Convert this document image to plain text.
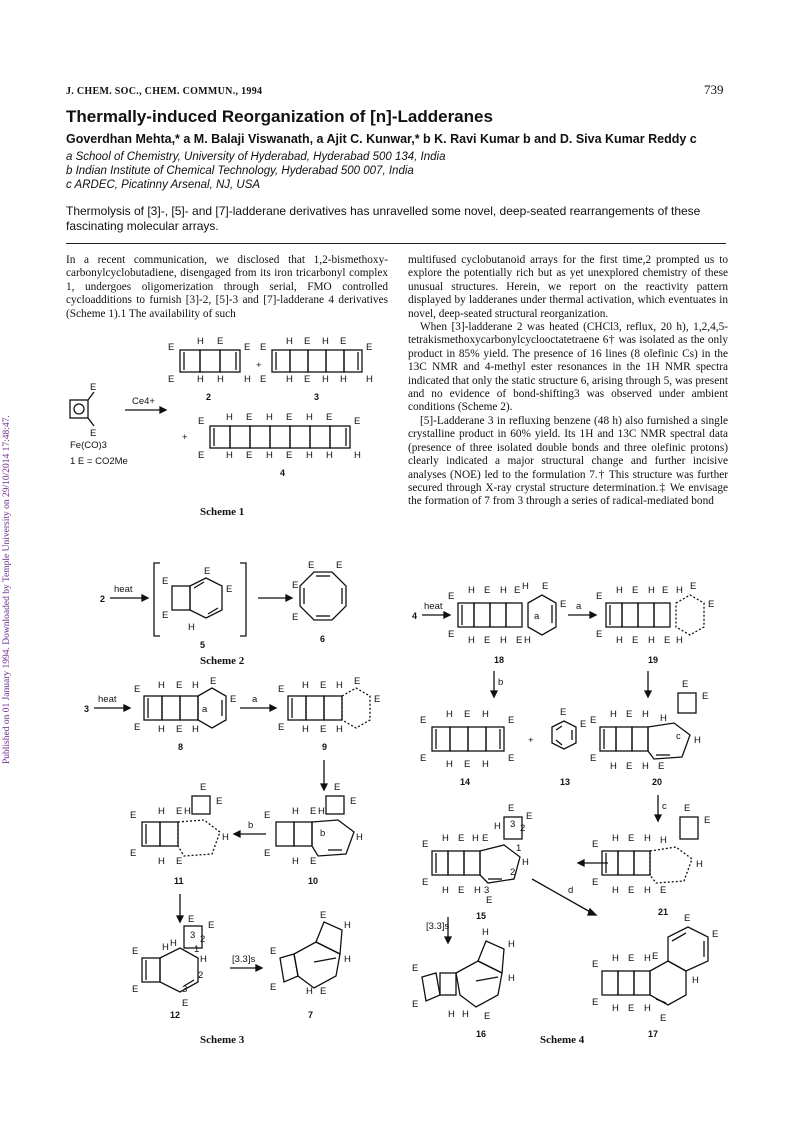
Published on 01 January 1994. Downloaded by Temple University on 29/10/2014 17:48:47.
J. CHEM. SOC., CHEM. COMMUN., 1994	739
Thermally-induced Reorganization of [n]-Ladderanes
Goverdhan Mehta,* a M. Balaji Viswanath, a Ajit C. Kunwar,* b K. Ravi Kumar b and D. Siva Kumar Reddy c
a School of Chemistry, University of Hyderabad, Hyderabad 500 134, India
b Indian Institute of Chemical Technology, Hyderabad 500 007, India
c ARDEC, Picatinny Arsenal, NJ, USA
Thermolysis of [3]-, [5]- and [7]-ladderane derivatives has unravelled some novel, deep-seated rearrangements of these fascinating molecular arrays.

In a recent communication, we disclosed that 1,2-bismethoxy-carbonylcyclobutadiene, disengaged from its iron tricarbonyl complex 1, undergoes oligomerization through serial, FMO controlled cycloadditions to furnish [3]-2, [5]-3 and [7]-ladderane 4 derivatives (Scheme 1).1 The availability of such

multifused cyclobutanoid arrays for the first time,2 prompted us to explore the potentially rich but as yet unexplored chemistry of these unusual structures. Herein, we report on the reactivity pattern displayed by ladderanes under thermal activation, which eventuates in novel, deep-seated structural reorganization.

When [3]-ladderane 2 was heated (CHCl3, reflux, 20 h), 1,2,4,5-tetrakismethoxycarbonylcyclooctatetraene 6† was isolated as the only product in 85% yield. The presence of 16 lines (8 olefinic Cs) in the 13C NMR and 4-methyl ester resonances in the 1H NMR spectra indicated that only the static structure 6, arising through 5, was present and no evidence of bond-shifting3 was observed under ambient conditions (Scheme 2).

[5]-Ladderane 3 in refluxing benzene (48 h) also furnished a single crystalline product in 60% yield. Its 1H and 13C NMR spectral data (presence of three isolated double bonds and three olefinic protons) clearly indicated a major structural change and further incisive analyses (NOE) led to the formulation 7.† This structure was further secured through X-ray crystal structure determination.‡ We envisage the formation of 7 from 3 through a series of radical-mediated bond

E
E
Fe(CO)3
1 E = CO2Me
Ce4+
E
E
H E
H H
E
H
2
+
E
E
H E H E
H E H H
E
H
3
+
E
E
H E H E H E
H E H E H H
E
H
4
Scheme 1
2
heat
E
E
E
E
H
5
E E
E
E
6
Scheme 2
3
heat
E
E
H E H
H E H
E
E
a
8
a
E
E
H E H
H E H
E
E
9
E
E
H E H
H E
E
E
H
11
b
E
E
H E H
H E
E
E
H
b
10
E
E
H H
E
E
H
E
3 2
1
3
2
12
[3.3]s
E
E
E
H
H
H E
7
Scheme 3
4
heat
E
E
H E H E H
H E H E H
E
E
a
18
a
E
E
H E H E H
H E H E H
E
E
19
b
E
E
H E H
H E H
E
E
14
+
E
E
13
E
E
H E H H
H E H E
E
E
H
c
20
c
E
E
H E H E
H E H
E
E
E
H
H
3 2
1
3
2
15
E
E
H E H H
H E H E
E
E
H
21
[3.3]s
d
E
E
H H
H
H
H
E
16
E
E
H E H E
H E H
E
E
E
H
17
Scheme 4
